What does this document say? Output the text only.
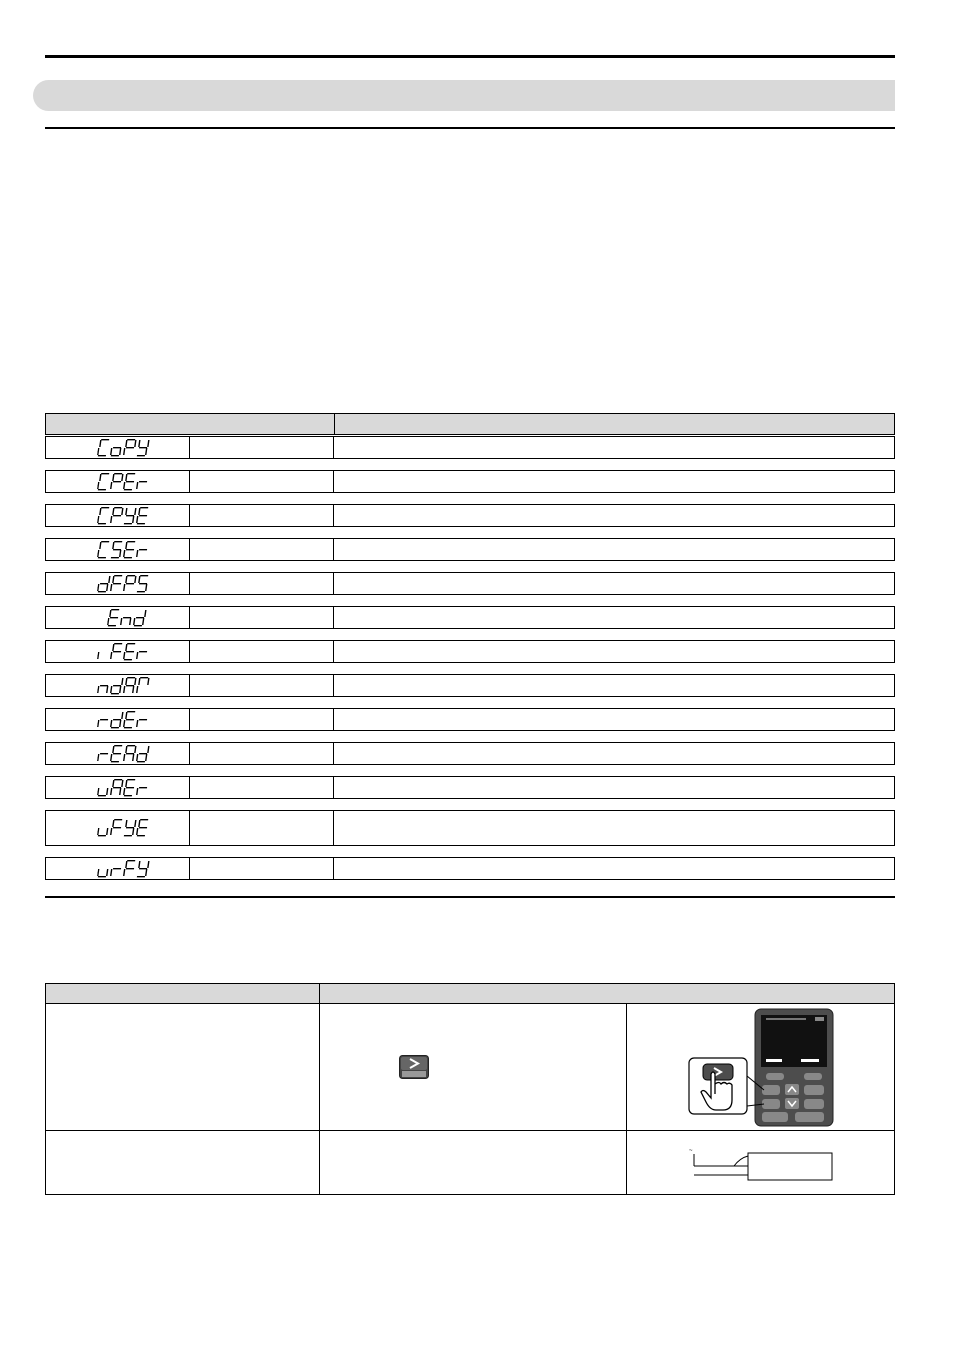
~
